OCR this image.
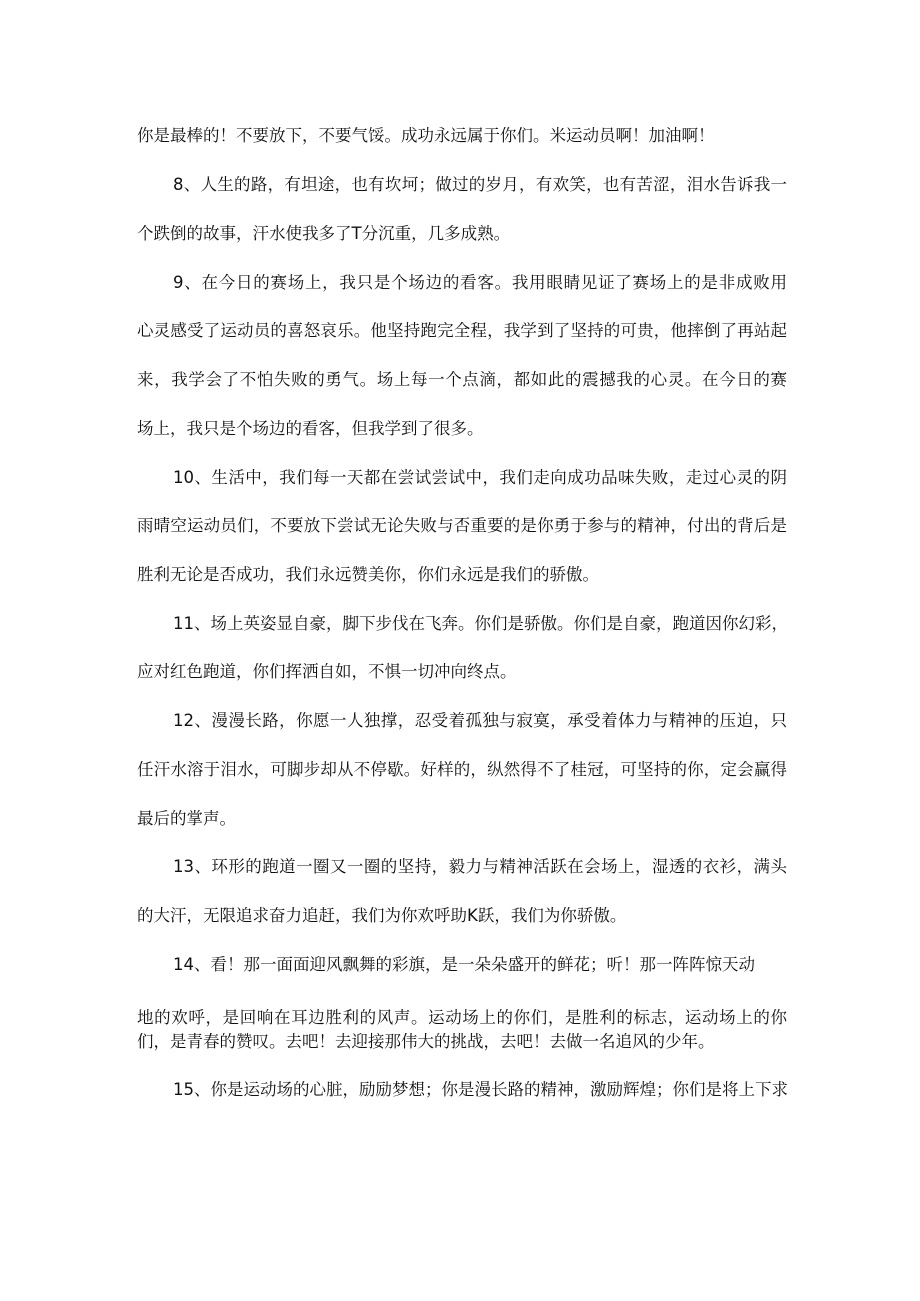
你是最棒的！不要放下，不要气馁。成功永远属于你们。米运动员啊！加油啊！
8、人生的路，有坦途，也有坎坷；做过的岁月，有欢笑，也有苦涩，泪水告诉我一
个跌倒的故事，汗水使我多了T分沉重，几多成熟。
9、在今日的赛场上，我只是个场边的看客。我用眼睛见证了赛场上的是非成败用
心灵感受了运动员的喜怒哀乐。他坚持跑完全程，我学到了坚持的可贵，他摔倒了再站起
来，我学会了不怕失败的勇气。场上每一个点滴，都如此的震撼我的心灵。在今日的赛
场上，我只是个场边的看客，但我学到了很多。
10、生活中，我们每一天都在尝试尝试中，我们走向成功品味失败，走过心灵的阴
雨晴空运动员们，不要放下尝试无论失败与否重要的是你勇于参与的精神，付出的背后是
胜利无论是否成功，我们永远赞美你，你们永远是我们的骄傲。
11、场上英姿显自豪，脚下步伐在飞奔。你们是骄傲。你们是自豪，跑道因你幻彩，
应对红色跑道，你们挥洒自如，不惧一切冲向终点。
12、漫漫长路，你愿一人独撑，忍受着孤独与寂寞，承受着体力与精神的压迫，只
任汗水溶于泪水，可脚步却从不停歇。好样的，纵然得不了桂冠，可坚持的你，定会赢得
最后的掌声。
13、环形的跑道一圈又一圈的坚持，毅力与精神活跃在会场上，湿透的衣衫，满头
的大汗，无限追求奋力追赶，我们为你欢呼助K跃，我们为你骄傲。
14、看！那一面面迎风飘舞的彩旗，是一朵朵盛开的鲜花；听！那一阵阵惊天动
地的欢呼，是回响在耳边胜利的风声。运动场上的你们，是胜利的标志，运动场上的你
们，是青春的赞叹。去吧！去迎接那伟大的挑战，去吧！去做一名追风的少年。
15、你是运动场的心脏，励励梦想；你是漫长路的精神，激励辉煌；你们是将上下求
